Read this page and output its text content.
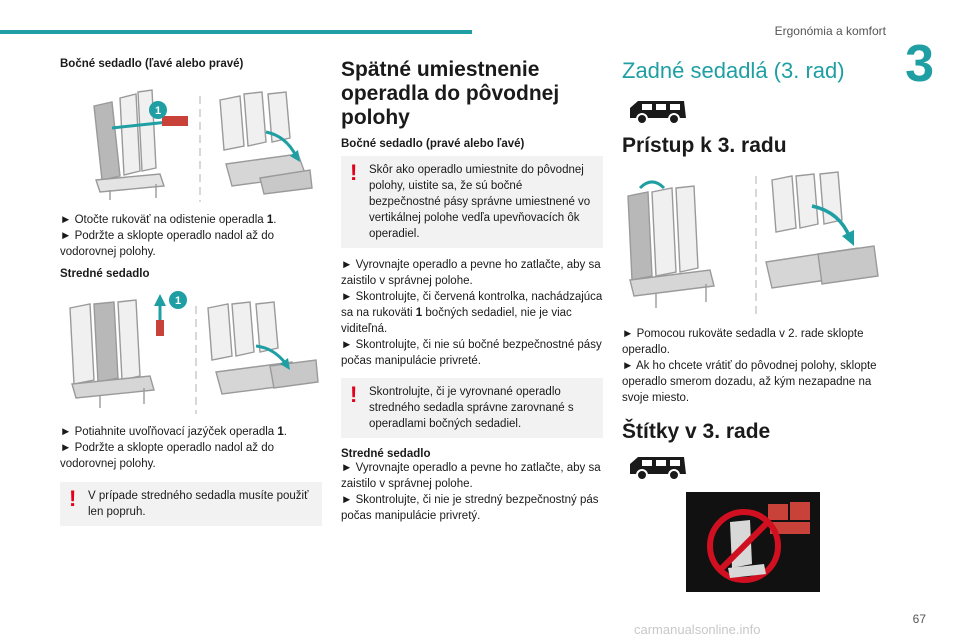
Ergonómia a komfort
3
67
carmanualsonline.info

Bočné sedadlo (ľavé alebo pravé)

1

► Otočte rukoväť na odistenie operadla 1.

► Podržte a sklopte operadlo nadol až do vodorovnej polohy.

Stredné sedadlo

1

► Potiahnite uvoľňovací jazýček operadla 1.

► Podržte a sklopte operadlo nadol až do vodorovnej polohy.

! V prípade stredného sedadla musíte použiť len popruh.

Spätné umiestnenie operadla do pôvodnej polohy

Bočné sedadlo (pravé alebo ľavé)

! Skôr ako operadlo umiestnite do pôvodnej polohy, uistite sa, že sú bočné bezpečnostné pásy správne umiestnené vo vertikálnej polohe vedľa upevňovacích ôk operadiel.

► Vyrovnajte operadlo a pevne ho zatlačte, aby sa zaistilo v správnej polohe.

► Skontrolujte, či červená kontrolka, nachádzajúca sa na rukoväti 1 bočných sedadiel, nie je viac viditeľná.

► Skontrolujte, či nie sú bočné bezpečnostné pásy počas manipulácie privreté.

! Skontrolujte, či je vyrovnané operadlo stredného sedadla správne zarovnané s operadlami bočných sedadiel.

Stredné sedadlo

► Vyrovnajte operadlo a pevne ho zatlačte, aby sa zaistilo v správnej polohe.

► Skontrolujte, či nie je stredný bezpečnostný pás počas manipulácie privretý.

Zadné sedadlá (3. rad)

Prístup k 3. radu

► Pomocou rukoväte sedadla v 2. rade sklopte operadlo.

► Ak ho chcete vrátiť do pôvodnej polohy, sklopte operadlo smerom dozadu, až kým nezapadne na svoje miesto.

Štítky v 3. rade
